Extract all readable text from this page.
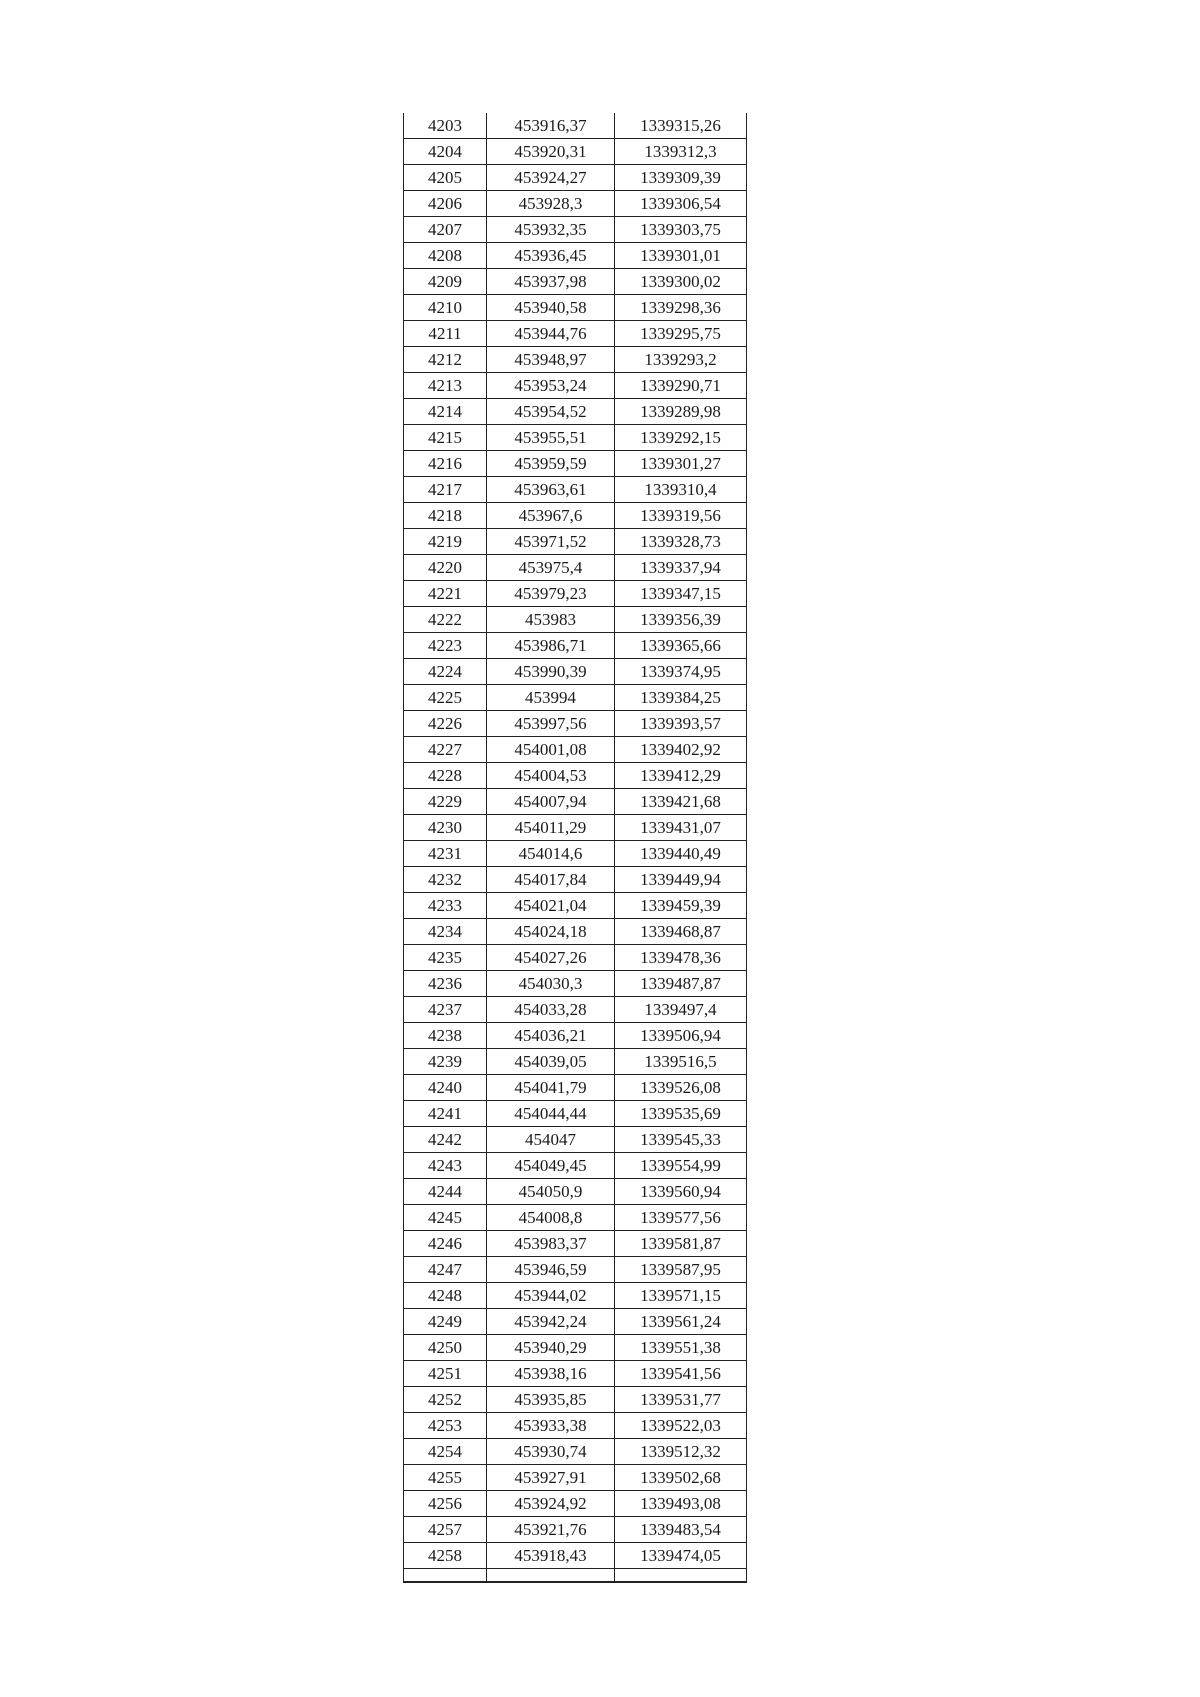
4203	453916,37	1339315,26
4204	453920,31	1339312,3
4205	453924,27	1339309,39
4206	453928,3	1339306,54
4207	453932,35	1339303,75
4208	453936,45	1339301,01
4209	453937,98	1339300,02
4210	453940,58	1339298,36
4211	453944,76	1339295,75
4212	453948,97	1339293,2
4213	453953,24	1339290,71
4214	453954,52	1339289,98
4215	453955,51	1339292,15
4216	453959,59	1339301,27
4217	453963,61	1339310,4
4218	453967,6	1339319,56
4219	453971,52	1339328,73
4220	453975,4	1339337,94
4221	453979,23	1339347,15
4222	453983	1339356,39
4223	453986,71	1339365,66
4224	453990,39	1339374,95
4225	453994	1339384,25
4226	453997,56	1339393,57
4227	454001,08	1339402,92
4228	454004,53	1339412,29
4229	454007,94	1339421,68
4230	454011,29	1339431,07
4231	454014,6	1339440,49
4232	454017,84	1339449,94
4233	454021,04	1339459,39
4234	454024,18	1339468,87
4235	454027,26	1339478,36
4236	454030,3	1339487,87
4237	454033,28	1339497,4
4238	454036,21	1339506,94
4239	454039,05	1339516,5
4240	454041,79	1339526,08
4241	454044,44	1339535,69
4242	454047	1339545,33
4243	454049,45	1339554,99
4244	454050,9	1339560,94
4245	454008,8	1339577,56
4246	453983,37	1339581,87
4247	453946,59	1339587,95
4248	453944,02	1339571,15
4249	453942,24	1339561,24
4250	453940,29	1339551,38
4251	453938,16	1339541,56
4252	453935,85	1339531,77
4253	453933,38	1339522,03
4254	453930,74	1339512,32
4255	453927,91	1339502,68
4256	453924,92	1339493,08
4257	453921,76	1339483,54
4258	453918,43	1339474,05
